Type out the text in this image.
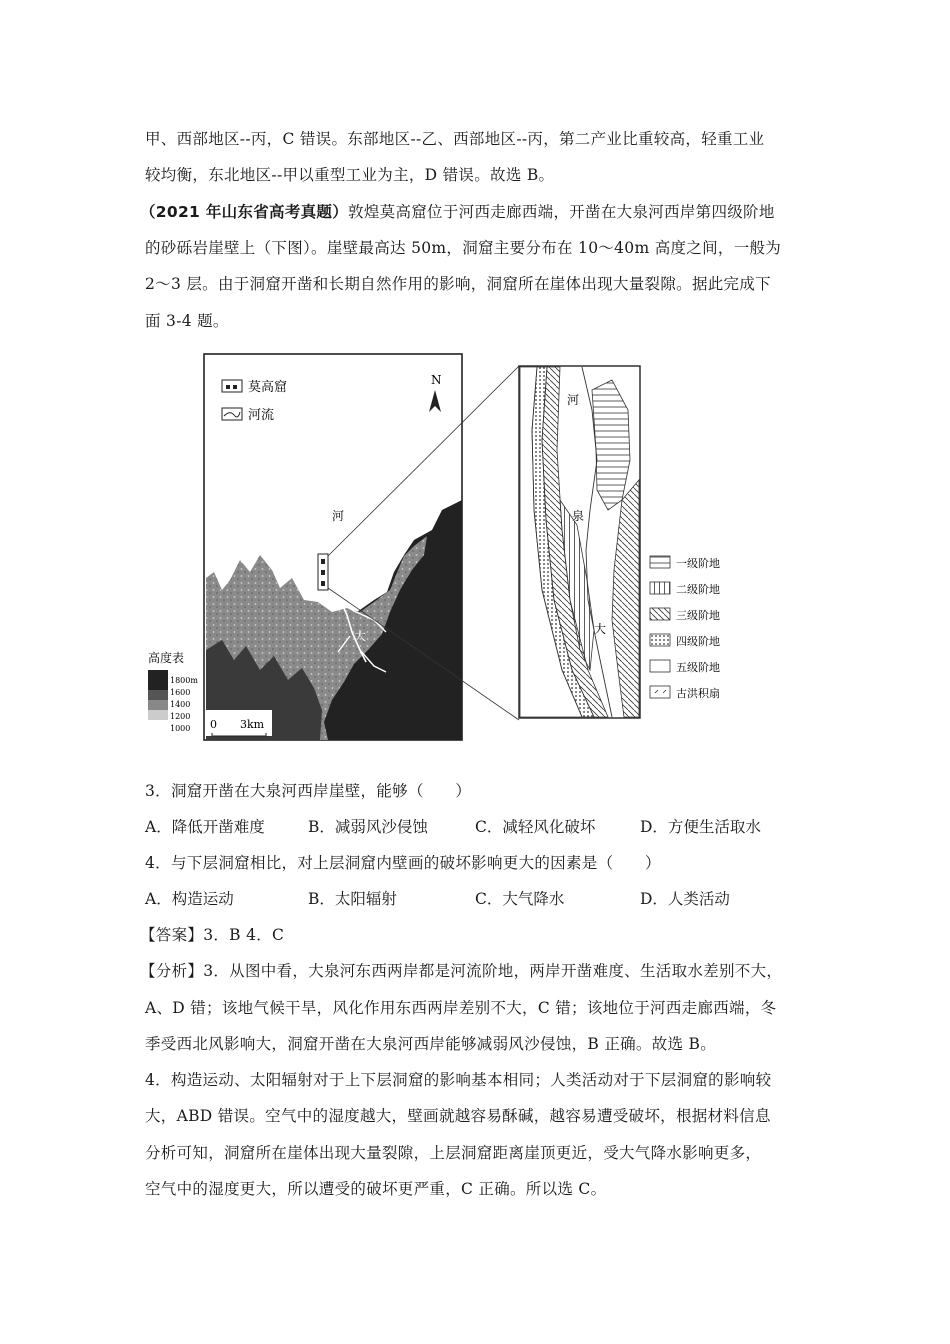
甲、西部地区--丙，C 错误。东部地区--乙、西部地区--丙，第二产业比重较高，轻重工业
较均衡，东北地区--甲以重型工业为主，D 错误。故选 B。
（2021 年山东省高考真题）敦煌莫高窟位于河西走廊西端，开凿在大泉河西岸第四级阶地
的砂砾岩崖壁上（下图）。崖壁最高达 50m，洞窟主要分布在 10～40m 高度之间，一般为
2～3 层。由于洞窟开凿和长期自然作用的影响，洞窟所在崖体出现大量裂隙。据此完成下
面 3-4 题。
河
泉
大
莫高窟
河流
N
高度表
1800m
1600
1400
1200
1000 0 3km
河
泉
大
一级阶地
二级阶地
三级阶地
四级阶地
五级阶地
古洪积扇
3．洞窟开凿在大泉河西岸崖壁，能够（　　）
A．降低开凿难度	B．减弱风沙侵蚀	C．减轻风化破坏	D．方便生活取水
4．与下层洞窟相比，对上层洞窟内壁画的破坏影响更大的因素是（　　）
A．构造运动	B．太阳辐射	C．大气降水	D．人类活动
【答案】3．B 4．C
【分析】3．从图中看，大泉河东西两岸都是河流阶地，两岸开凿难度、生活取水差别不大，
A、D 错；该地气候干旱，风化作用东西两岸差别不大，C 错；该地位于河西走廊西端，冬
季受西北风影响大，洞窟开凿在大泉河西岸能够减弱风沙侵蚀，B 正确。故选 B。
4．构造运动、太阳辐射对于上下层洞窟的影响基本相同；人类活动对于下层洞窟的影响较
大，ABD 错误。空气中的湿度越大，壁画就越容易酥碱，越容易遭受破坏，根据材料信息
分析可知，洞窟所在崖体出现大量裂隙，上层洞窟距离崖顶更近，受大气降水影响更多，
空气中的湿度更大，所以遭受的破坏更严重，C 正确。所以选 C。
